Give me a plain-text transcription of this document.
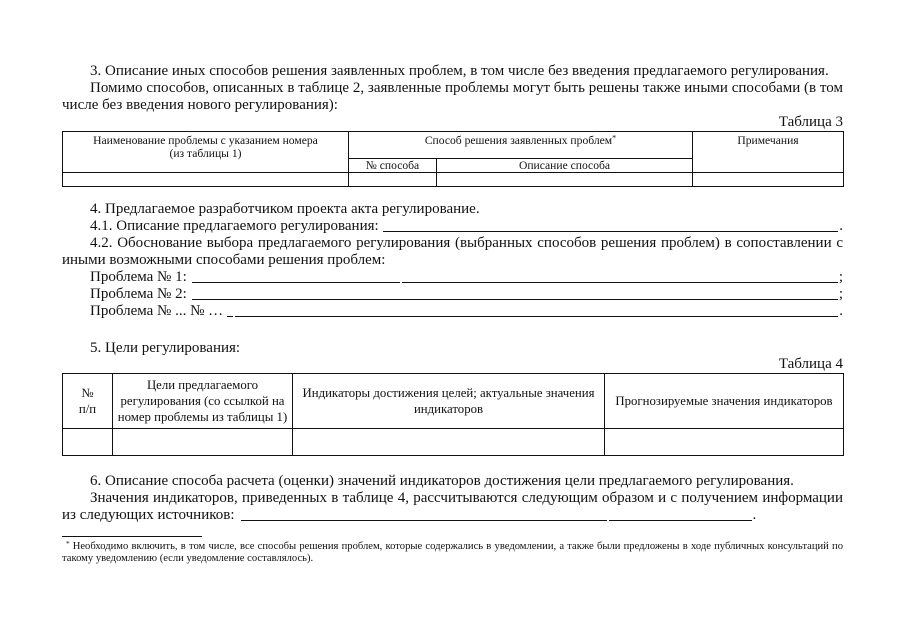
3. Описание иных способов решения заявленных проблем, в том числе без введения предлагаемого регулирования.
Помимо способов, описанных в таблице 2, заявленные проблемы могут быть решены также иными способами (в том
числе без введения нового регулирования):
Таблица 3
Наименование проблемы с указанием номера
(из таблицы 1)	Способ решения заявленных проблем*		Примечания
	№ способа	Описание способа	

4. Предлагаемое разработчиком проекта акта регулирование.
4.1. Описание предлагаемого регулирования:	.
4.2. Обоснование выбора предлагаемого регулирования (выбранных способов решения проблем) в сопоставлении с
иными возможными способами решения проблем:
Проблема № 1:	;
Проблема № 2:	;
Проблема № ... № …	.
5. Цели регулирования:
Таблица 4
№
п/п	Цели предлагаемого
регулирования (со ссылкой на
номер проблемы из таблицы 1)	Индикаторы достижения целей; актуальные значения
индикаторов	Прогнозируемые значения индикаторов

6. Описание способа расчета (оценки) значений индикаторов достижения цели предлагаемого регулирования.
Значения индикаторов, приведенных в таблице 4, рассчитываются следующим образом и с получением информации
из следующих источников:	.
* Необходимо включить, в том числе, все способы решения проблем, которые содержались в уведомлении, а также были предложены в ходе публичных консультаций по
такому уведомлению (если уведомление составлялось).
